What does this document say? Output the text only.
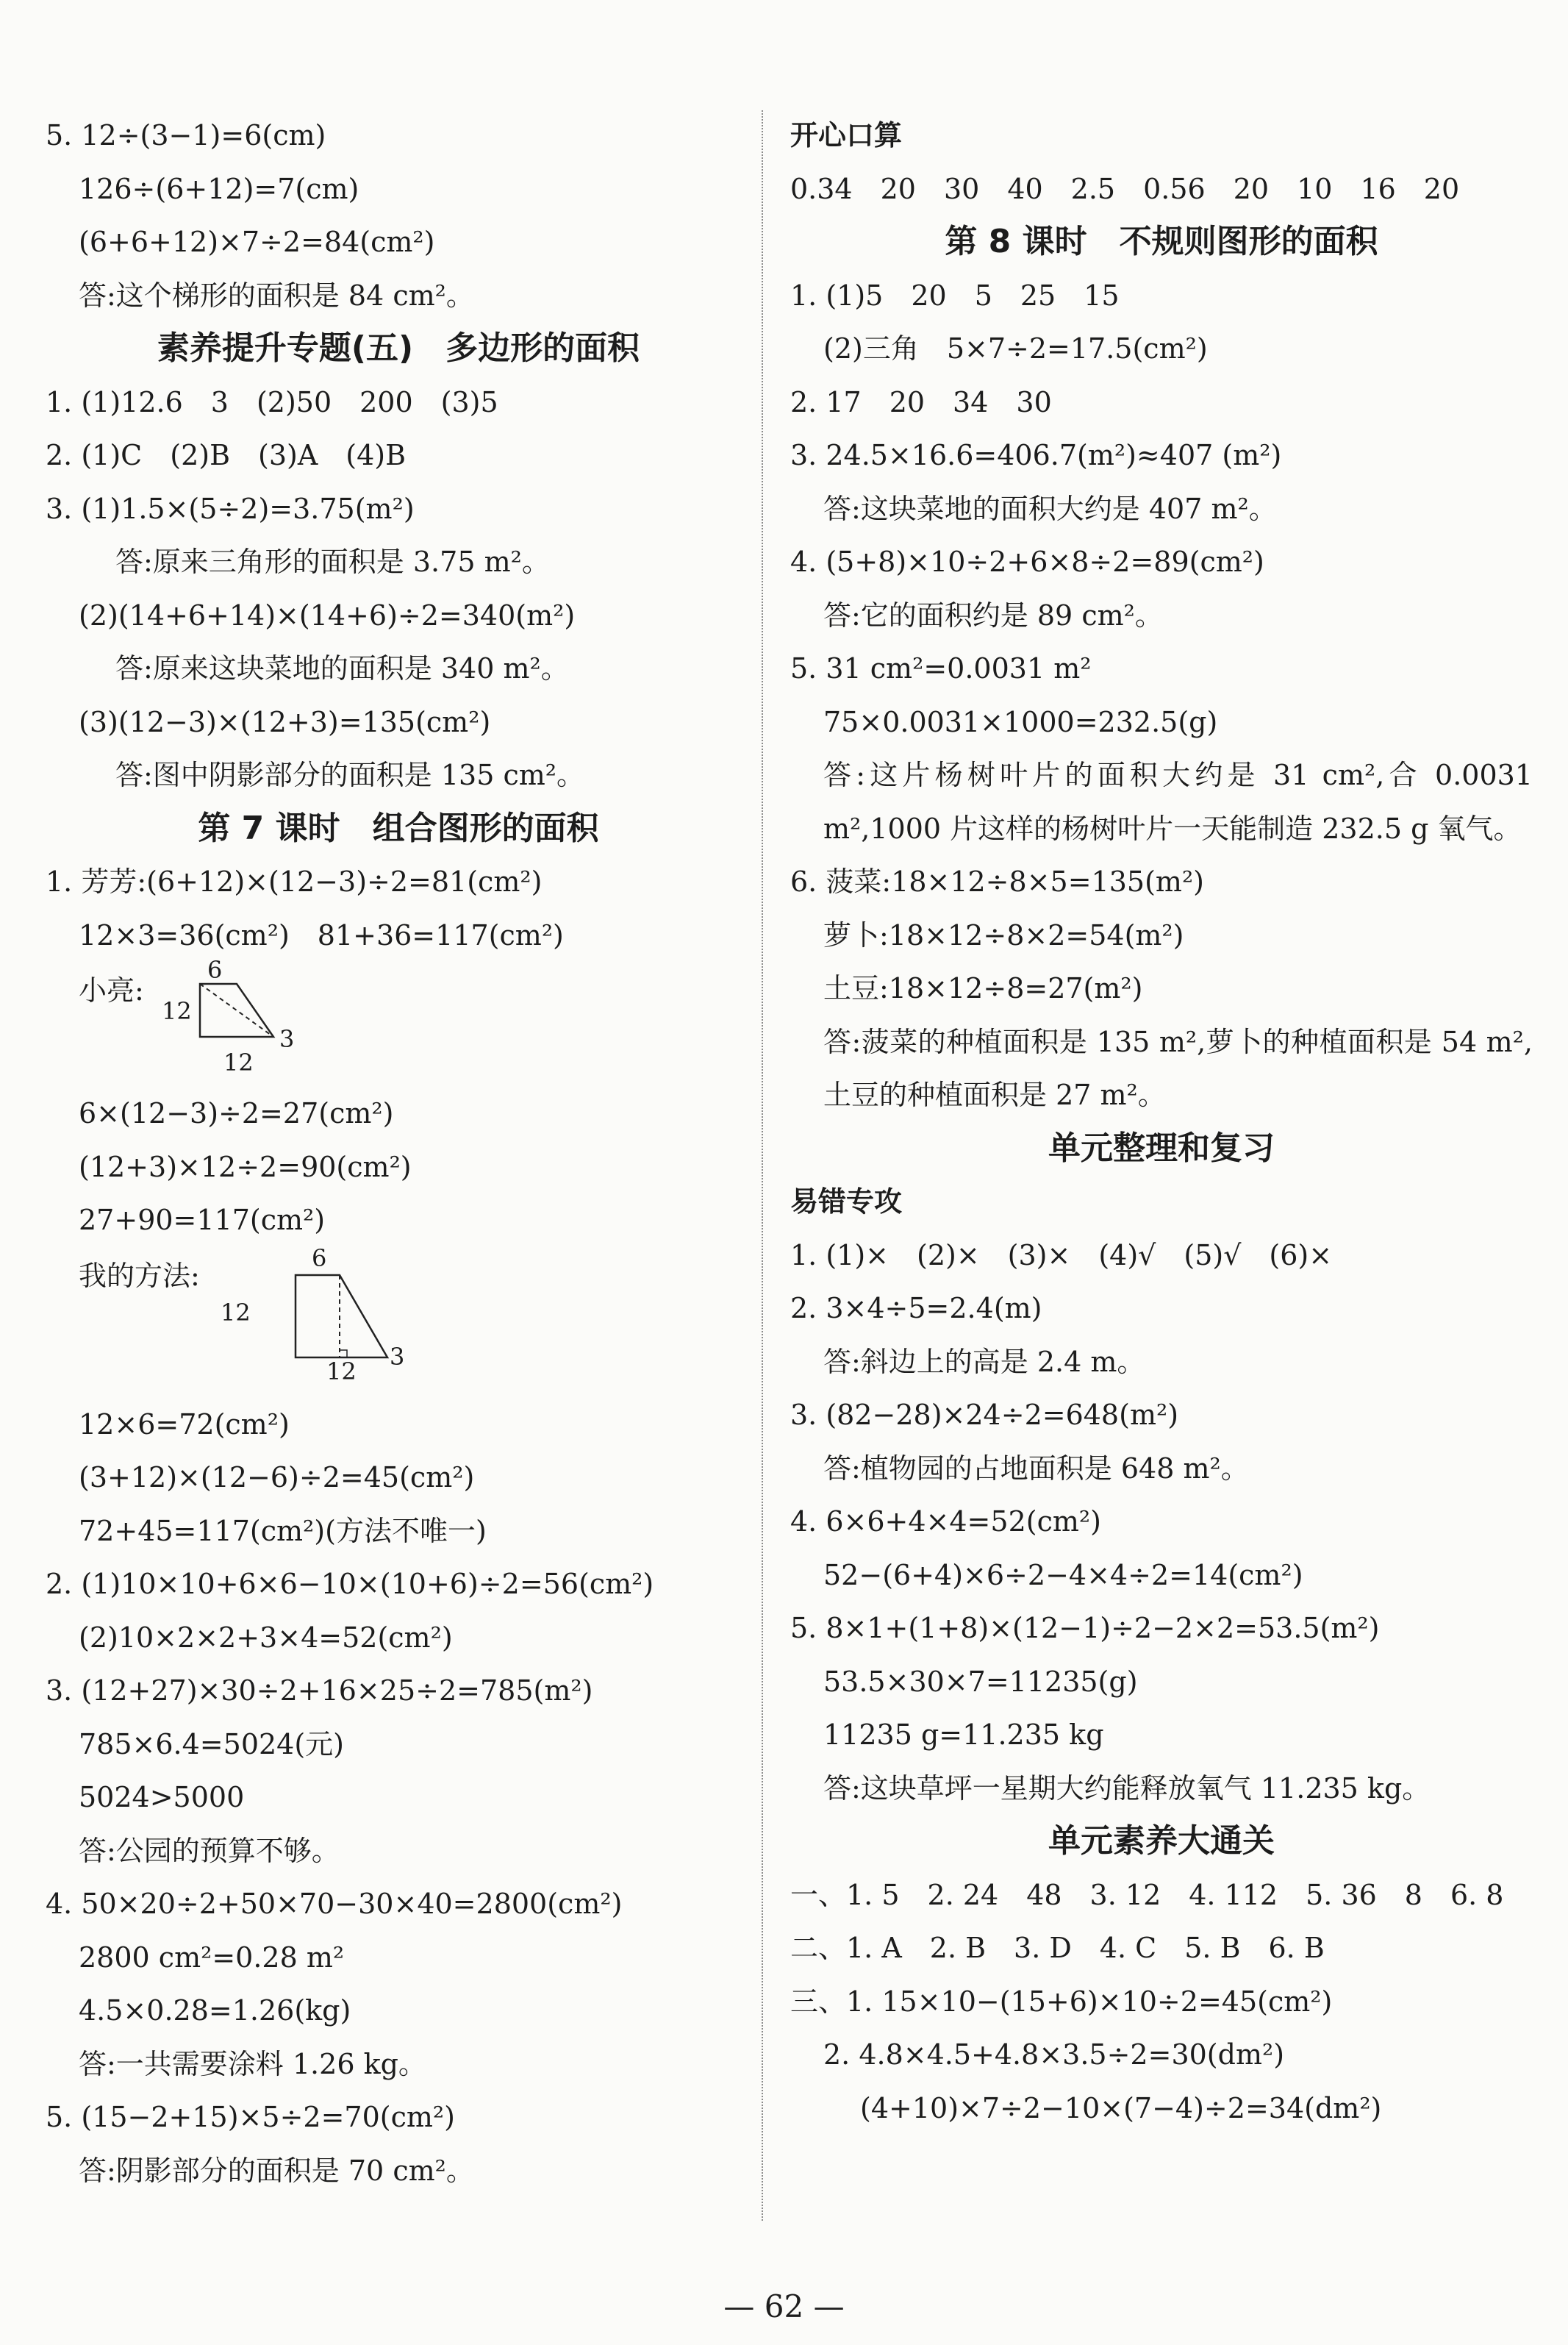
5. 12÷(3−1)=6(cm)
126÷(6+12)=7(cm)
(6+6+12)×7÷2=84(cm²)
答:这个梯形的面积是 84 cm²。
素养提升专题(五)　多边形的面积
1. (1)12.6　3　(2)50　200　(3)5
2. (1)C　(2)B　(3)A　(4)B
3. (1)1.5×(5÷2)=3.75(m²)
答:原来三角形的面积是 3.75 m²。
(2)(14+6+14)×(14+6)÷2=340(m²)
答:原来这块菜地的面积是 340 m²。
(3)(12−3)×(12+3)=135(cm²)
答:图中阴影部分的面积是 135 cm²。
第 7 课时　组合图形的面积
1. 芳芳:(6+12)×(12−3)÷2=81(cm²)
12×3=36(cm²)　81+36=117(cm²)
小亮:
6
12
3
12
6×(12−3)÷2=27(cm²)
(12+3)×12÷2=90(cm²)
27+90=117(cm²)
我的方法:
6
12
3
12
12×6=72(cm²)
(3+12)×(12−6)÷2=45(cm²)
72+45=117(cm²)(方法不唯一)
2. (1)10×10+6×6−10×(10+6)÷2=56(cm²)
(2)10×2×2+3×4=52(cm²)
3. (12+27)×30÷2+16×25÷2=785(m²)
785×6.4=5024(元)
5024>5000
答:公园的预算不够。
4. 50×20÷2+50×70−30×40=2800(cm²)
2800 cm²=0.28 m²
4.5×0.28=1.26(kg)
答:一共需要涂料 1.26 kg。
5. (15−2+15)×5÷2=70(cm²)
答:阴影部分的面积是 70 cm²。
开心口算
0.34　20　30　40　2.5　0.56　20　10　16　20
第 8 课时　不规则图形的面积
1. (1)5　20　5　25　15
(2)三角　5×7÷2=17.5(cm²)
2. 17　20　34　30
3. 24.5×16.6=406.7(m²)≈407 (m²)
答:这块菜地的面积大约是 407 m²。
4. (5+8)×10÷2+6×8÷2=89(cm²)
答:它的面积约是 89 cm²。
5. 31 cm²=0.0031 m²
75×0.0031×1000=232.5(g)
答:这片杨树叶片的面积大约是 31 cm²,合 0.0031 m²,1000 片这样的杨树叶片一天能制造 232.5 g 氧气。
6. 菠菜:18×12÷8×5=135(m²)
萝卜:18×12÷8×2=54(m²)
土豆:18×12÷8=27(m²)
答:菠菜的种植面积是 135 m²,萝卜的种植面积是 54 m²,土豆的种植面积是 27 m²。
单元整理和复习
易错专攻
1. (1)×　(2)×　(3)×　(4)√　(5)√　(6)×
2. 3×4÷5=2.4(m)
答:斜边上的高是 2.4 m。
3. (82−28)×24÷2=648(m²)
答:植物园的占地面积是 648 m²。
4. 6×6+4×4=52(cm²)
52−(6+4)×6÷2−4×4÷2=14(cm²)
5. 8×1+(1+8)×(12−1)÷2−2×2=53.5(m²)
53.5×30×7=11235(g)
11235 g=11.235 kg
答:这块草坪一星期大约能释放氧气 11.235 kg。
单元素养大通关
一、1. 5　2. 24　48　3. 12　4. 112　5. 36　8　6. 8
二、1. A　2. B　3. D　4. C　5. B　6. B
三、1. 15×10−(15+6)×10÷2=45(cm²)
2. 4.8×4.5+4.8×3.5÷2=30(dm²)
(4+10)×7÷2−10×(7−4)÷2=34(dm²)
— 62 —
